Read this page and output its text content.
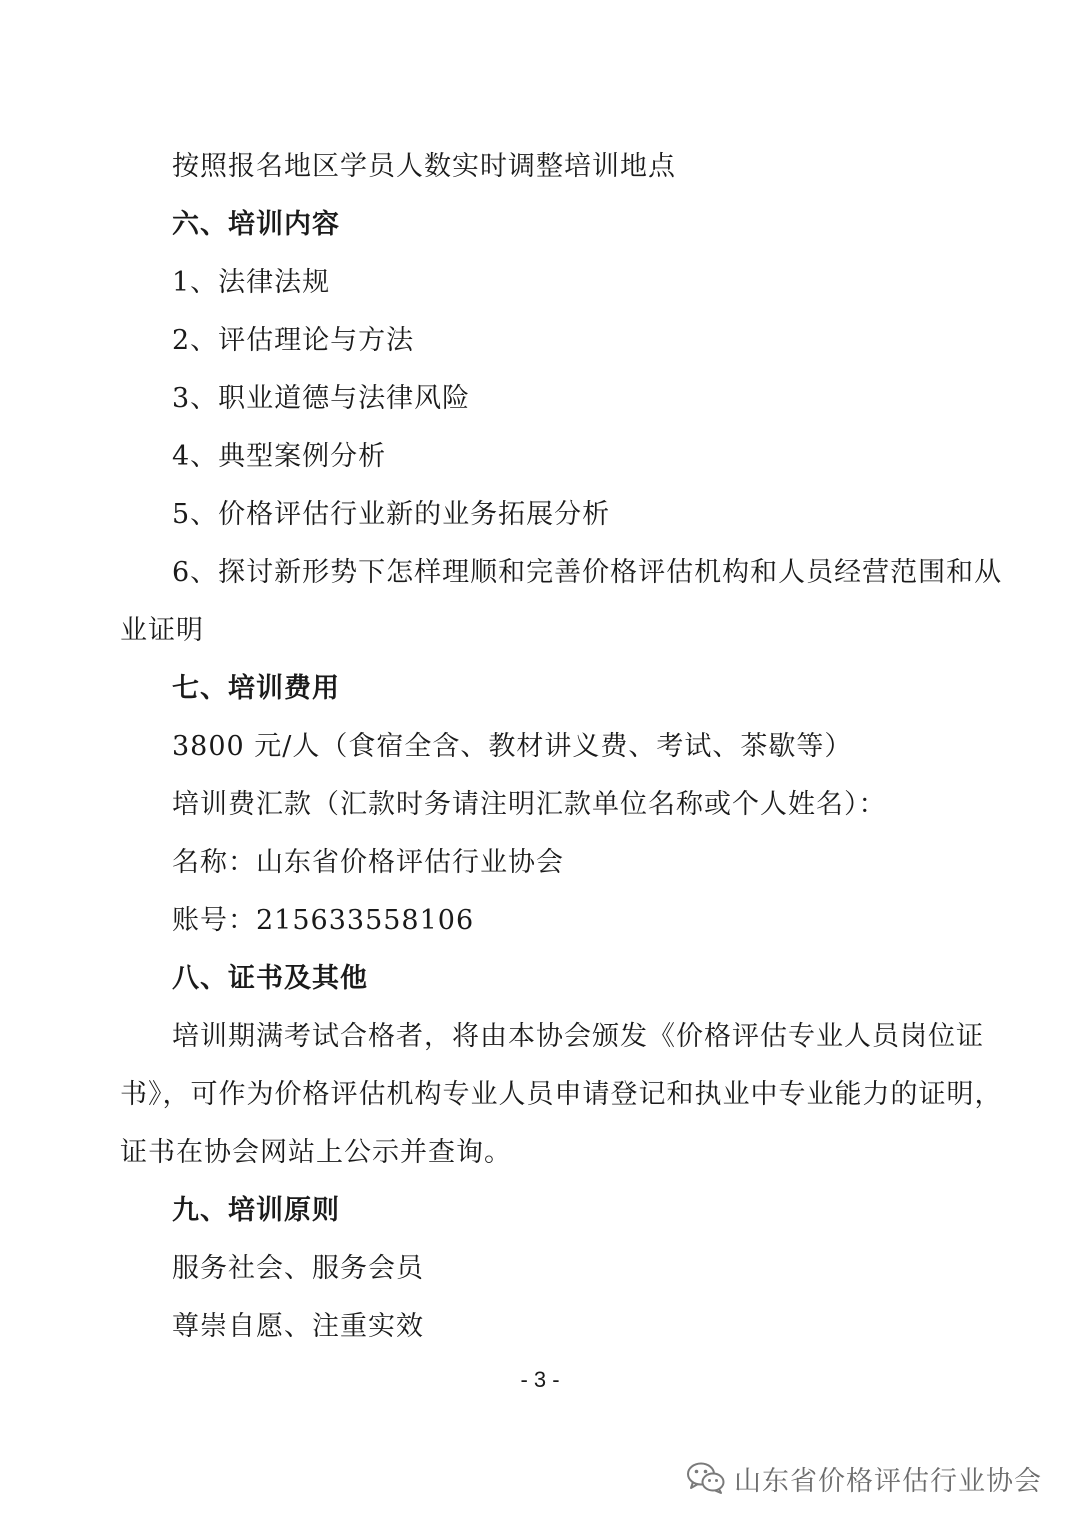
按照报名地区学员人数实时调整培训地点
六、培训内容
1、法律法规
2、评估理论与方法
3、职业道德与法律风险
4、典型案例分析
5、价格评估行业新的业务拓展分析
6、探讨新形势下怎样理顺和完善价格评估机构和人员经营范围和从
业证明
七、培训费用
3800 元/人（食宿全含、教材讲义费、考试、茶歇等）
培训费汇款（汇款时务请注明汇款单位名称或个人姓名）：
名称：山东省价格评估行业协会
账号：215633558106
八、证书及其他
培训期满考试合格者，将由本协会颁发《价格评估专业人员岗位证
书》，可作为价格评估机构专业人员申请登记和执业中专业能力的证明，
证书在协会网站上公示并查询。
九、培训原则
服务社会、服务会员
尊崇自愿、注重实效
- 3 -
山东省价格评估行业协会
